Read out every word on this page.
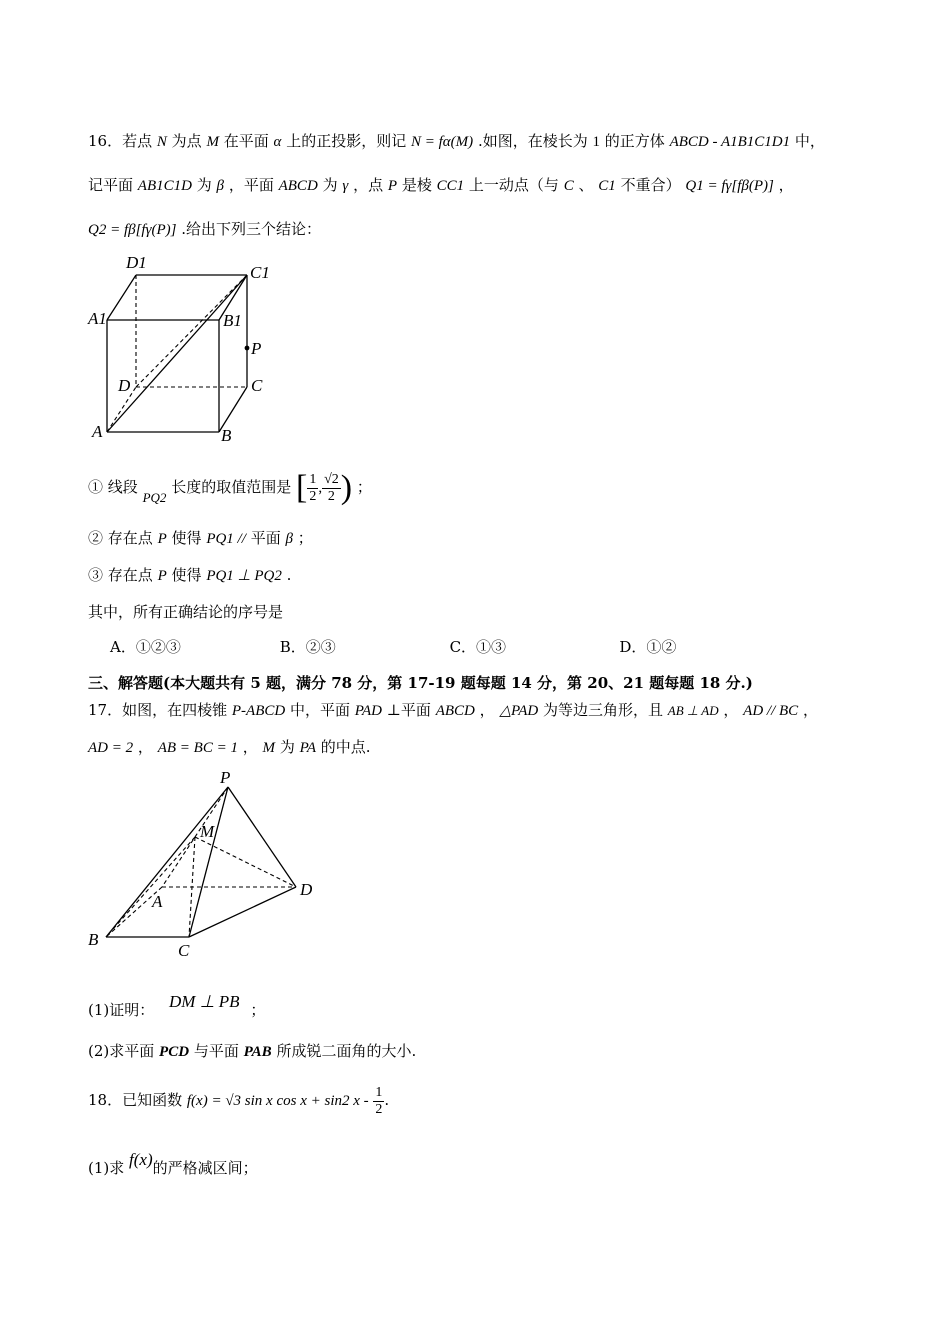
16．若点 N 为点 M 在平面 α 上的正投影，则记 N = fα(M) .如图，在棱长为 1 的正方体 ABCD - A1B1C1D1 中，
记平面 AB1C1D 为 β ，平面 ABCD 为 γ ，点 P 是棱 CC1 上一动点（与 C 、 C1 不重合） Q1 = fγ[fβ(P)] ，
Q2 = fβ[fγ(P)] .给出下列三个结论：
D1
C1
A1	B1
P
D	C
A	B
① 线段 PQ2 长度的取值范围是 [ $\frac{1}{2}$ , $\frac{√2}{2}$ ) ；
② 存在点 P 使得 PQ1 // 平面 β ；
③ 存在点 P 使得 PQ1 ⊥ PQ2 .
其中，所有正确结论的序号是
A．①②③	B．②③	C．①③	D．①②
三、解答题(本大题共有 5 题，满分 78 分，第 17-19 题每题 14 分，第 20、21 题每题 18 分.)
17．如图，在四棱锥 P-ABCD 中，平面 PAD ⊥平面 ABCD ， △PAD 为等边三角形，且 AB ⊥ AD ， AD // BC ，
AD = 2 ， AB = BC = 1 ， M 为 PA 的中点.
P
M
A
D
B
C
(1)证明： DM ⊥ PB ；
(2)求平面 PCD 与平面 PAB 所成锐二面角的大小.
18．已知函数 f(x) = √3 sin x cos x + sin2 x - $\frac{1}{2}$ .
(1)求 f(x)的严格减区间；
